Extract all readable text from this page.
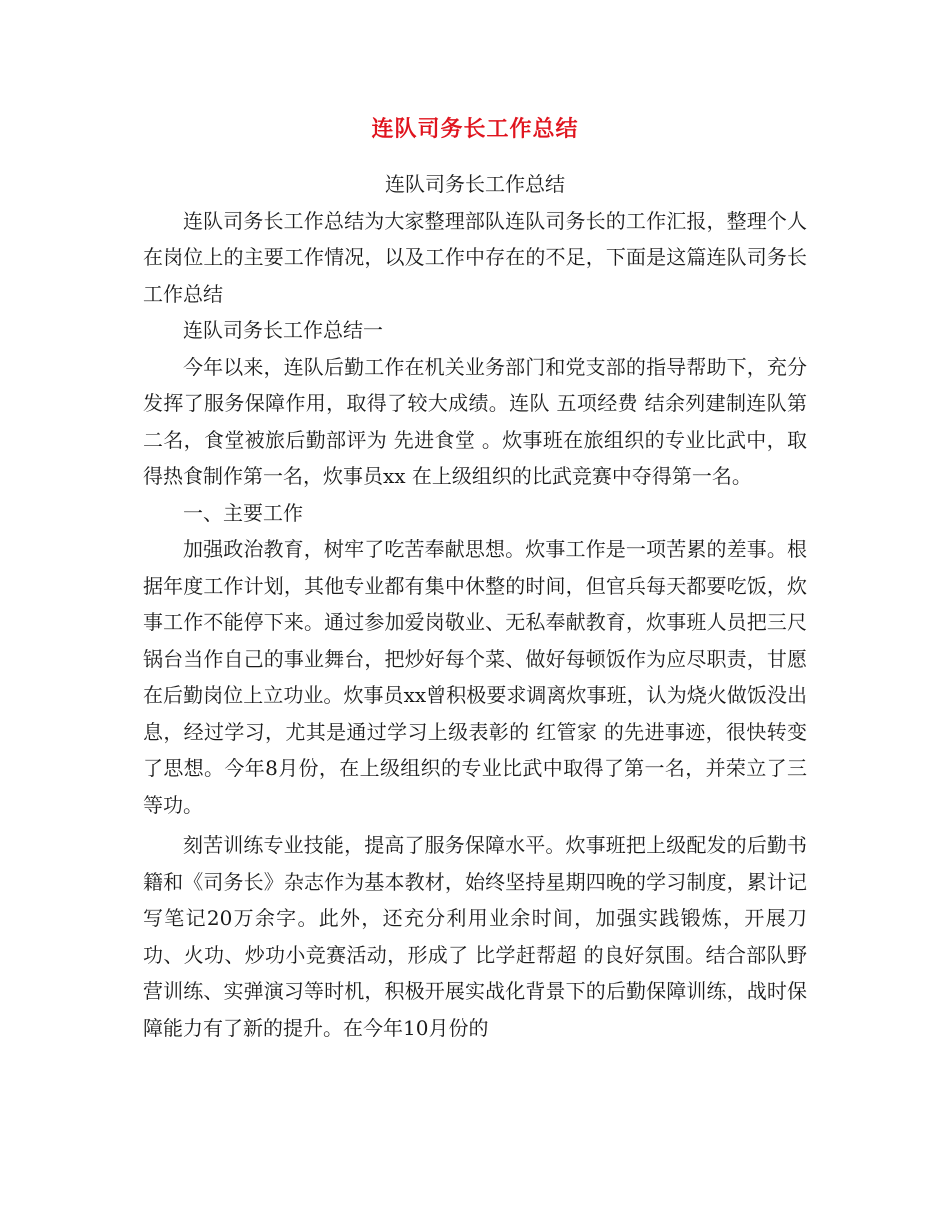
连队司务长工作总结

连队司务长工作总结

连队司务长工作总结为大家整理部队连队司务长的工作汇报，整理个人在岗位上的主要工作情况，以及工作中存在的不足，下面是这篇连队司务长工作总结

连队司务长工作总结一

今年以来，连队后勤工作在机关业务部门和党支部的指导帮助下，充分发挥了服务保障作用，取得了较大成绩。连队 五项经费 结余列建制连队第二名，食堂被旅后勤部评为 先进食堂 。炊事班在旅组织的专业比武中，取得热食制作第一名，炊事员xx 在上级组织的比武竞赛中夺得第一名。

一、主要工作

加强政治教育，树牢了吃苦奉献思想。炊事工作是一项苦累的差事。根据年度工作计划，其他专业都有集中休整的时间，但官兵每天都要吃饭，炊事工作不能停下来。通过参加爱岗敬业、无私奉献教育，炊事班人员把三尺锅台当作自己的事业舞台，把炒好每个菜、做好每顿饭作为应尽职责，甘愿在后勤岗位上立功业。炊事员xx曾积极要求调离炊事班，认为烧火做饭没出息，经过学习，尤其是通过学习上级表彰的 红管家 的先进事迹，很快转变了思想。今年8月份，在上级组织的专业比武中取得了第一名，并荣立了三等功。

刻苦训练专业技能，提高了服务保障水平。炊事班把上级配发的后勤书籍和《司务长》杂志作为基本教材，始终坚持星期四晚的学习制度，累计记写笔记20万余字。此外，还充分利用业余时间，加强实践锻炼，开展刀功、火功、炒功小竞赛活动，形成了 比学赶帮超 的良好氛围。结合部队野营训练、实弹演习等时机，积极开展实战化背景下的后勤保障训练，战时保障能力有了新的提升。在今年10月份的
